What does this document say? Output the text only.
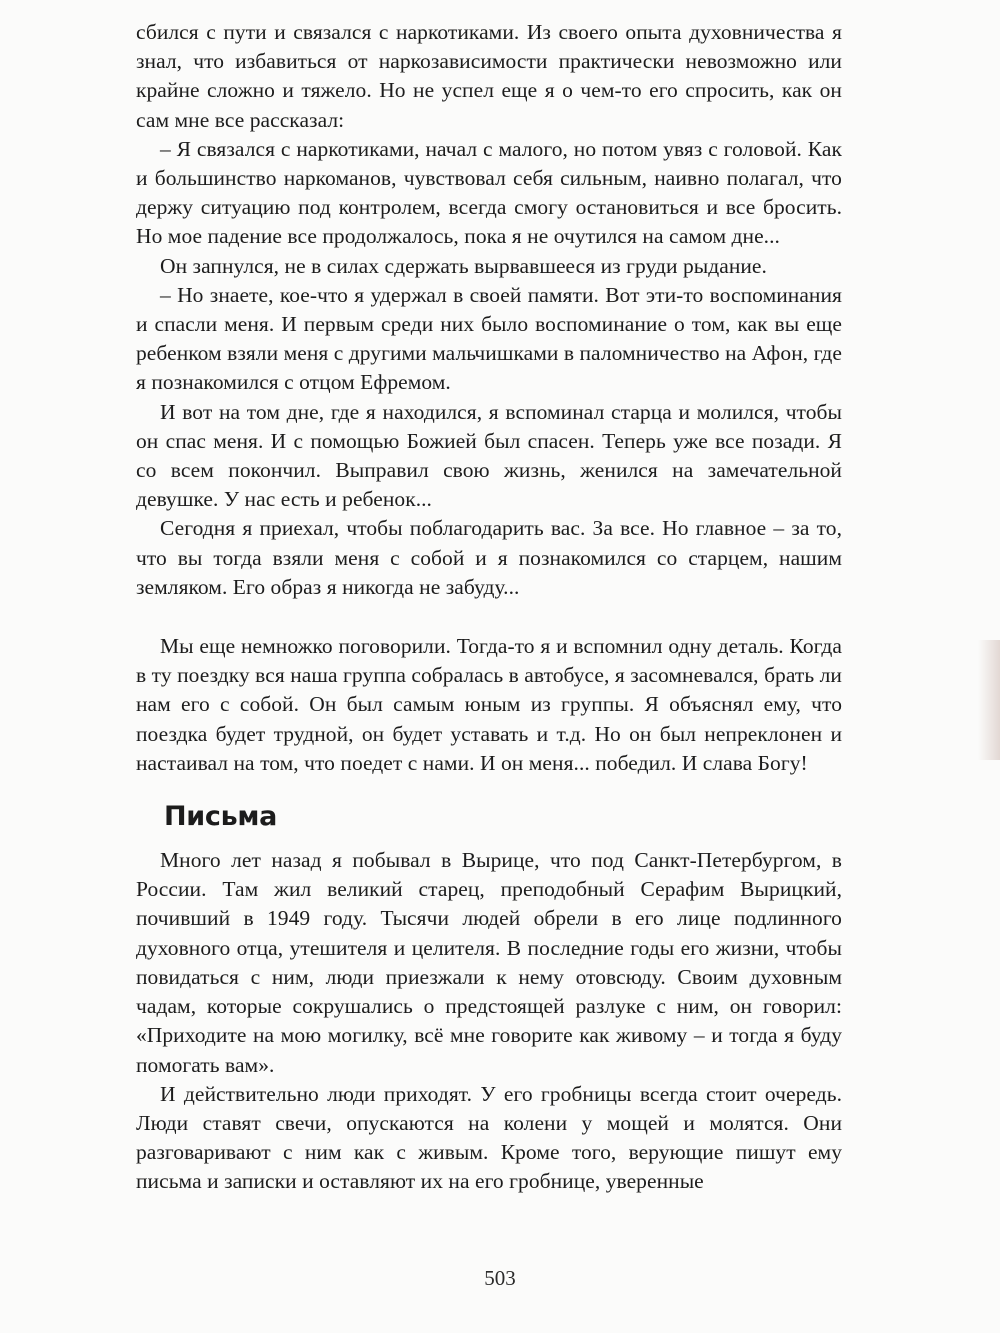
сбился с пути и связался с наркотиками. Из своего опыта духовничества я знал, что избавиться от наркозависимости практически невозможно или крайне сложно и тяжело. Но не успел еще я о чем-то его спросить, как он сам мне все рассказал:

– Я связался с наркотиками, начал с малого, но потом увяз с головой. Как и большинство наркоманов, чувствовал себя сильным, наивно полагал, что держу ситуацию под контролем, всегда смогу остановиться и все бросить. Но мое падение все продолжалось, пока я не очутился на самом дне...

Он запнулся, не в силах сдержать вырвавшееся из груди рыдание.

– Но знаете, кое-что я удержал в своей памяти. Вот эти-то воспоминания и спасли меня. И первым среди них было воспоминание о том, как вы еще ребенком взяли меня с другими мальчишками в паломничество на Афон, где я познакомился с отцом Ефремом.

И вот на том дне, где я находился, я вспоминал старца и молился, чтобы он спас меня. И с помощью Божией был спасен. Теперь уже все позади. Я со всем покончил. Выправил свою жизнь, женился на замечательной девушке. У нас есть и ребенок...

Сегодня я приехал, чтобы поблагодарить вас. За все. Но главное – за то, что вы тогда взяли меня с собой и я познакомился со старцем, нашим земляком. Его образ я никогда не забуду...

Мы еще немножко поговорили. Тогда-то я и вспомнил одну деталь. Когда в ту поездку вся наша группа собралась в автобусе, я засомневался, брать ли нам его с собой. Он был самым юным из группы. Я объяснял ему, что поездка будет трудной, он будет уставать и т.д. Но он был непреклонен и настаивал на том, что поедет с нами. И он меня... победил. И слава Богу!

Письма

Много лет назад я побывал в Вырице, что под Санкт-Петербургом, в России. Там жил великий старец, преподобный Серафим Вырицкий, почивший в 1949 году. Тысячи людей обрели в его лице подлинного духовного отца, утешителя и целителя. В последние годы его жизни, чтобы повидаться с ним, люди приезжали к нему отовсюду. Своим духовным чадам, которые сокрушались о предстоящей разлуке с ним, он говорил: «Приходите на мою могилку, всё мне говорите как живому – и тогда я буду помогать вам».

И действительно люди приходят. У его гробницы всегда стоит очередь. Люди ставят свечи, опускаются на колени у мощей и молятся. Они разговаривают с ним как с живым. Кроме того, верующие пишут ему письма и записки и оставляют их на его гробнице, уверенные

503
